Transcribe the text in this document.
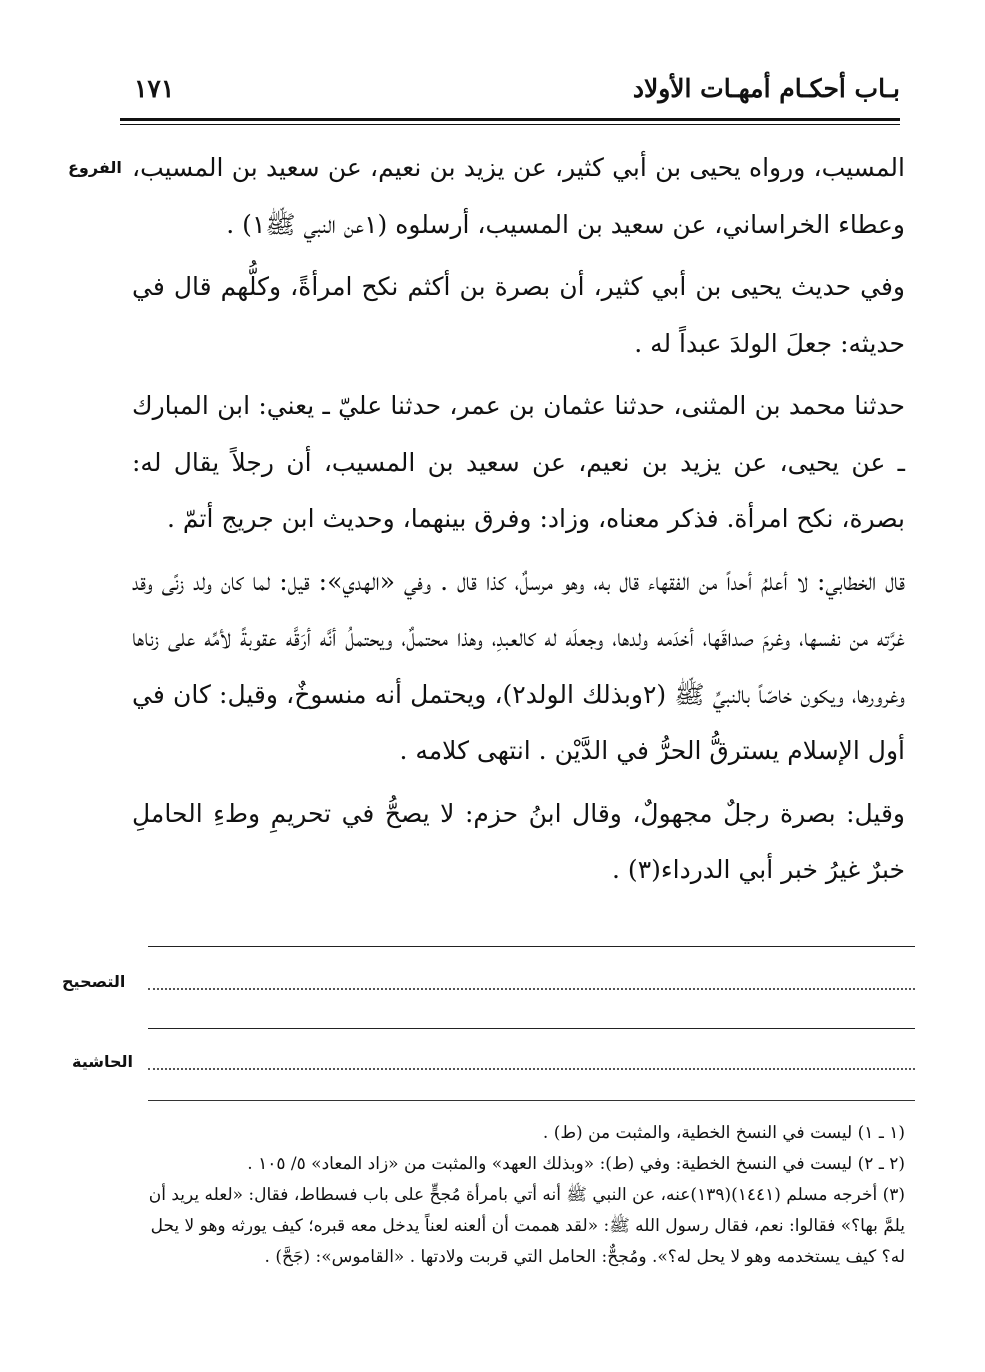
بـاب أحكـام أمهـات الأولاد
١٧١
الفروع المسيب، ورواه يحيى بن أبي كثير، عن يزيد بن نعيم، عن سعيد بن المسيب، وعطاء الخراساني، عن سعيد بن المسيب، أرسلوه (١عن النبي ﷺ١) .

وفي حديث يحيى بن أبي كثير، أن بصرة بن أكثم نكح امرأةً، وكلُّهم قال في حديثه: جعلَ الولدَ عبداً له .

حدثنا محمد بن المثنى، حدثنا عثمان بن عمر، حدثنا عليّ ـ يعني: ابن المبارك ـ عن يحيى، عن يزيد بن نعيم، عن سعيد بن المسيب، أن رجلاً يقال له: بصرة، نكح امرأة. فذكر معناه، وزاد: وفرق بينهما، وحديث ابن جريج أتمّ .

قال الخطابي: لا أعلمُ أحداً من الفقهاء قال به، وهو مرسلٌ، كذا قال . وفي «الهدي»: قيل: لما كان ولد زنًى وقد غرَّته من نفسها، وغرمَ صداقَها، أخدَمه ولدها، وجعلَه له كالعبدِ، وهذا محتملٌ، ويحتملُ أنَّه أرَقَّه عقوبةً لأمِّه على زناها وغرورها، ويكون خاصّاً بالنبيِّ ﷺ (٢وبذلك الولد٢)، ويحتمل أنه منسوخٌ، وقيل: كان في أول الإسلام يسترقُّ الحرُّ في الدَّيْن . انتهى كلامه .

وقيل: بصرة رجلٌ مجهولٌ، وقال ابنُ حزم: لا يصحُّ في تحريمِ وطءِ الحاملِ خبرٌ غيرُ خبر أبي الدرداء(٣) .

التصحيح
الحاشية

(١ ـ ١) ليست في النسخ الخطية، والمثبت من (ط) .

(٢ ـ ٢) ليست في النسخ الخطية: وفي (ط): «وبذلك العهد» والمثبت من «زاد المعاد» ٥/ ١٠٥ .

(٣) أخرجه مسلم (١٤٤١)(١٣٩)عنه، عن النبي ﷺ أنه أتي بامرأة مُجحٍّ على باب فسطاط، فقال: «لعله يريد أن يلمَّ بها؟» فقالوا: نعم، فقال رسول الله ﷺ: «لقد هممت أن ألعنه لعناً يدخل معه قبره؛ كيف يورثه وهو لا يحل له؟ كيف يستخدمه وهو لا يحل له؟». ومُجحٌّ: الحامل التي قربت ولادتها . «القاموس»: (جَحَّ) .
